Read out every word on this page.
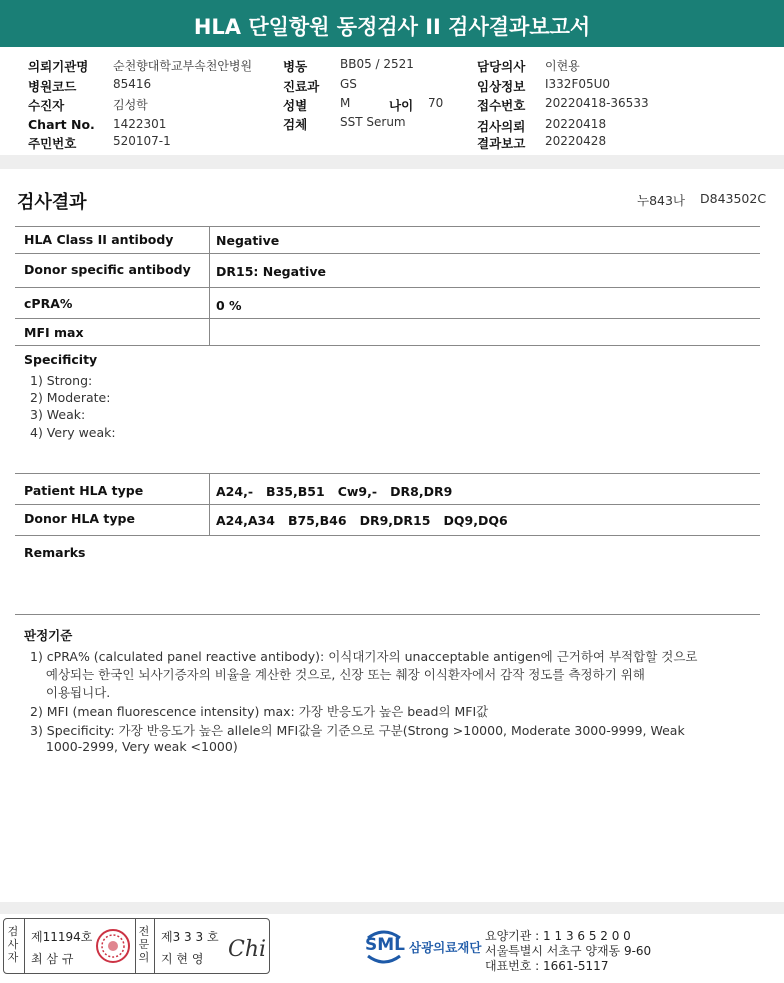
HLA 단일항원 동정검사 II 검사결과보고서
의뢰기관명 순천향대학교부속천안병원 병동	BB05 / 2521	담당의사 이현용
병원코드	85416	진료과 GS	임상정보 I332F05U0
수진자	김성학	성별	M	나이 70	접수번호 20220418-36533
Chart No. 1422301	검체	SST Serum	검사의뢰 20220418
주민번호	520107-1	결과보고 20220428
검사결과	누843나 D843502C
HLA Class II antibody	Negative
Donor specific antibody DR15: Negative
cPRA%	0 %
MFI max
Specificity
1) Strong:
2) Moderate:
3) Weak:
4) Very weak:
Patient HLA type	A24,-   B35,B51   Cw9,-   DR8,DR9
Donor HLA type	A24,A34   B75,B46   DR9,DR15   DQ9,DQ6
Remarks
판정기준
1) cPRA% (calculated panel reactive antibody): 이식대기자의 unacceptable antigen에 근거하여 부적합할 것으로
예상되는 한국인 뇌사기증자의 비율을 계산한 것으로, 신장 또는 췌장 이식환자에서 감작 정도를 측정하기 위해
이용됩니다.
2) MFI (mean fluorescence intensity) max: 가장 반응도가 높은 bead의 MFI값
3) Specificity: 가장 반응도가 높은 allele의 MFI값을 기준으로 구분(Strong >10000, Moderate 3000-9999, Weak
1000-2999, Very weak <1000)
검
사
자
제11194호
최 삼 규
전
문
의
제3 3 3 호
지 현 영 Chi	SML 삼광의료재단
요양기관 : 1 1 3 6 5 2 0 0
서울특별시 서초구 양재동 9-60
대표번호 : 1661-5117
